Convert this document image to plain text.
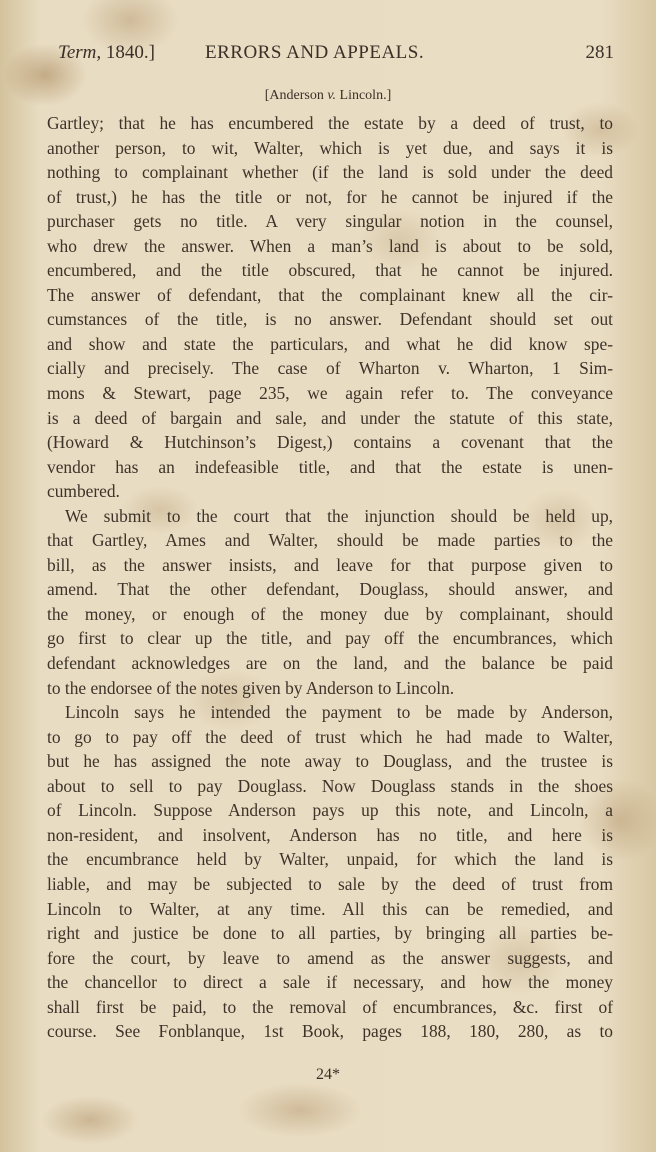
Term, 1840.]	ERRORS AND APPEALS.	281
[Anderson v. Lincoln.]
Gartley; that he has encumbered the estate by a deed of trust, to
another person, to wit, Walter, which is yet due, and says it is
nothing to complainant whether (if the land is sold under the deed
of trust,) he has the title or not, for he cannot be injured if the
purchaser gets no title. A very singular notion in the counsel,
who drew the answer. When a man’s land is about to be sold,
encumbered, and the title obscured, that he cannot be injured.
The answer of defendant, that the complainant knew all the cir-
cumstances of the title, is no answer. Defendant should set out
and show and state the particulars, and what he did know spe-
cially and precisely. The case of Wharton v. Wharton, 1 Sim-
mons & Stewart, page 235, we again refer to. The conveyance
is a deed of bargain and sale, and under the statute of this state,
(Howard & Hutchinson’s Digest,) contains a covenant that the
vendor has an indefeasible title, and that the estate is unen-
cumbered.
We submit to the court that the injunction should be held up,
that Gartley, Ames and Walter, should be made parties to the
bill, as the answer insists, and leave for that purpose given to
amend. That the other defendant, Douglass, should answer, and
the money, or enough of the money due by complainant, should
go first to clear up the title, and pay off the encumbrances, which
defendant acknowledges are on the land, and the balance be paid
to the endorsee of the notes given by Anderson to Lincoln.
Lincoln says he intended the payment to be made by Anderson,
to go to pay off the deed of trust which he had made to Walter,
but he has assigned the note away to Douglass, and the trustee is
about to sell to pay Douglass. Now Douglass stands in the shoes
of Lincoln. Suppose Anderson pays up this note, and Lincoln, a
non-resident, and insolvent, Anderson has no title, and here is
the encumbrance held by Walter, unpaid, for which the land is
liable, and may be subjected to sale by the deed of trust from
Lincoln to Walter, at any time. All this can be remedied, and
right and justice be done to all parties, by bringing all parties be-
fore the court, by leave to amend as the answer suggests, and
the chancellor to direct a sale if necessary, and how the money
shall first be paid, to the removal of encumbrances, &c. first of
course. See Fonblanque, 1st Book, pages 188, 180, 280, as to
24*
